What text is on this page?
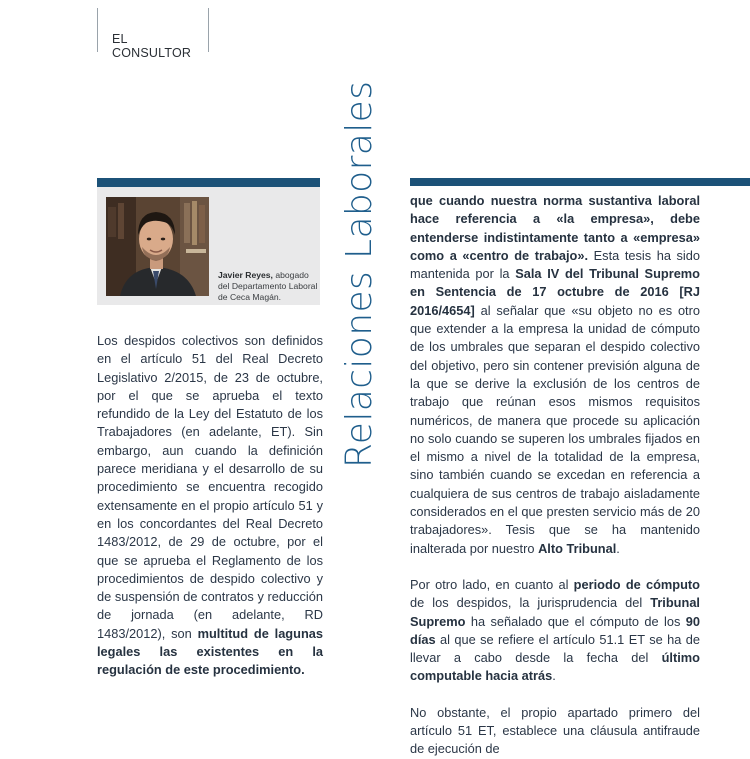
EL CONSULTOR
Relaciones Laborales
Javier Reyes, abogado
del Departamento Laboral
de Ceca Magán.

Los despidos colectivos son definidos en el artículo 51 del Real Decreto Legislativo 2/2015, de 23 de octubre, por el que se aprueba el texto refundido de la Ley del Estatuto de los Trabajadores (en adelante, ET). Sin embargo, aun cuando la definición parece meridiana y el desarrollo de su procedimiento se encuentra recogido extensamente en el propio artículo 51 y en los concordantes del Real Decreto 1483/2012, de 29 de octubre, por el que se aprueba el Reglamento de los procedimientos de despido colectivo y de suspensión de contratos y reducción de jornada (en adelante, RD 1483/2012), son multitud de lagunas legales las existentes en la regulación de este procedimiento.

que cuando nuestra norma sustantiva laboral hace referencia a «la empresa», debe entenderse indistintamente tanto a «empresa» como a «centro de trabajo». Esta tesis ha sido mantenida por la Sala IV del Tribunal Supremo en Sentencia de 17 octubre de 2016 [RJ 2016/4654] al señalar que «su objeto no es otro que extender a la empresa la unidad de cómputo de los umbrales que separan el despido colectivo del objetivo, pero sin contener previsión alguna de la que se derive la exclusión de los centros de trabajo que reúnan esos mismos requisitos numéricos, de manera que procede su aplicación no solo cuando se superen los umbrales fijados en el mismo a nivel de la totalidad de la empresa, sino también cuando se excedan en referencia a cualquiera de sus centros de trabajo aisladamente considerados en el que presten servicio más de 20 trabajadores». Tesis que se ha mantenido inalterada por nuestro Alto Tribunal.

Por otro lado, en cuanto al periodo de cómputo de los despidos, la jurisprudencia del Tribunal Supremo ha señalado que el cómputo de los 90 días al que se refiere el artículo 51.1 ET se ha de llevar a cabo desde la fecha del último computable hacia atrás.

No obstante, el propio apartado primero del artículo 51 ET, establece una cláusula antifraude de ejecución de
